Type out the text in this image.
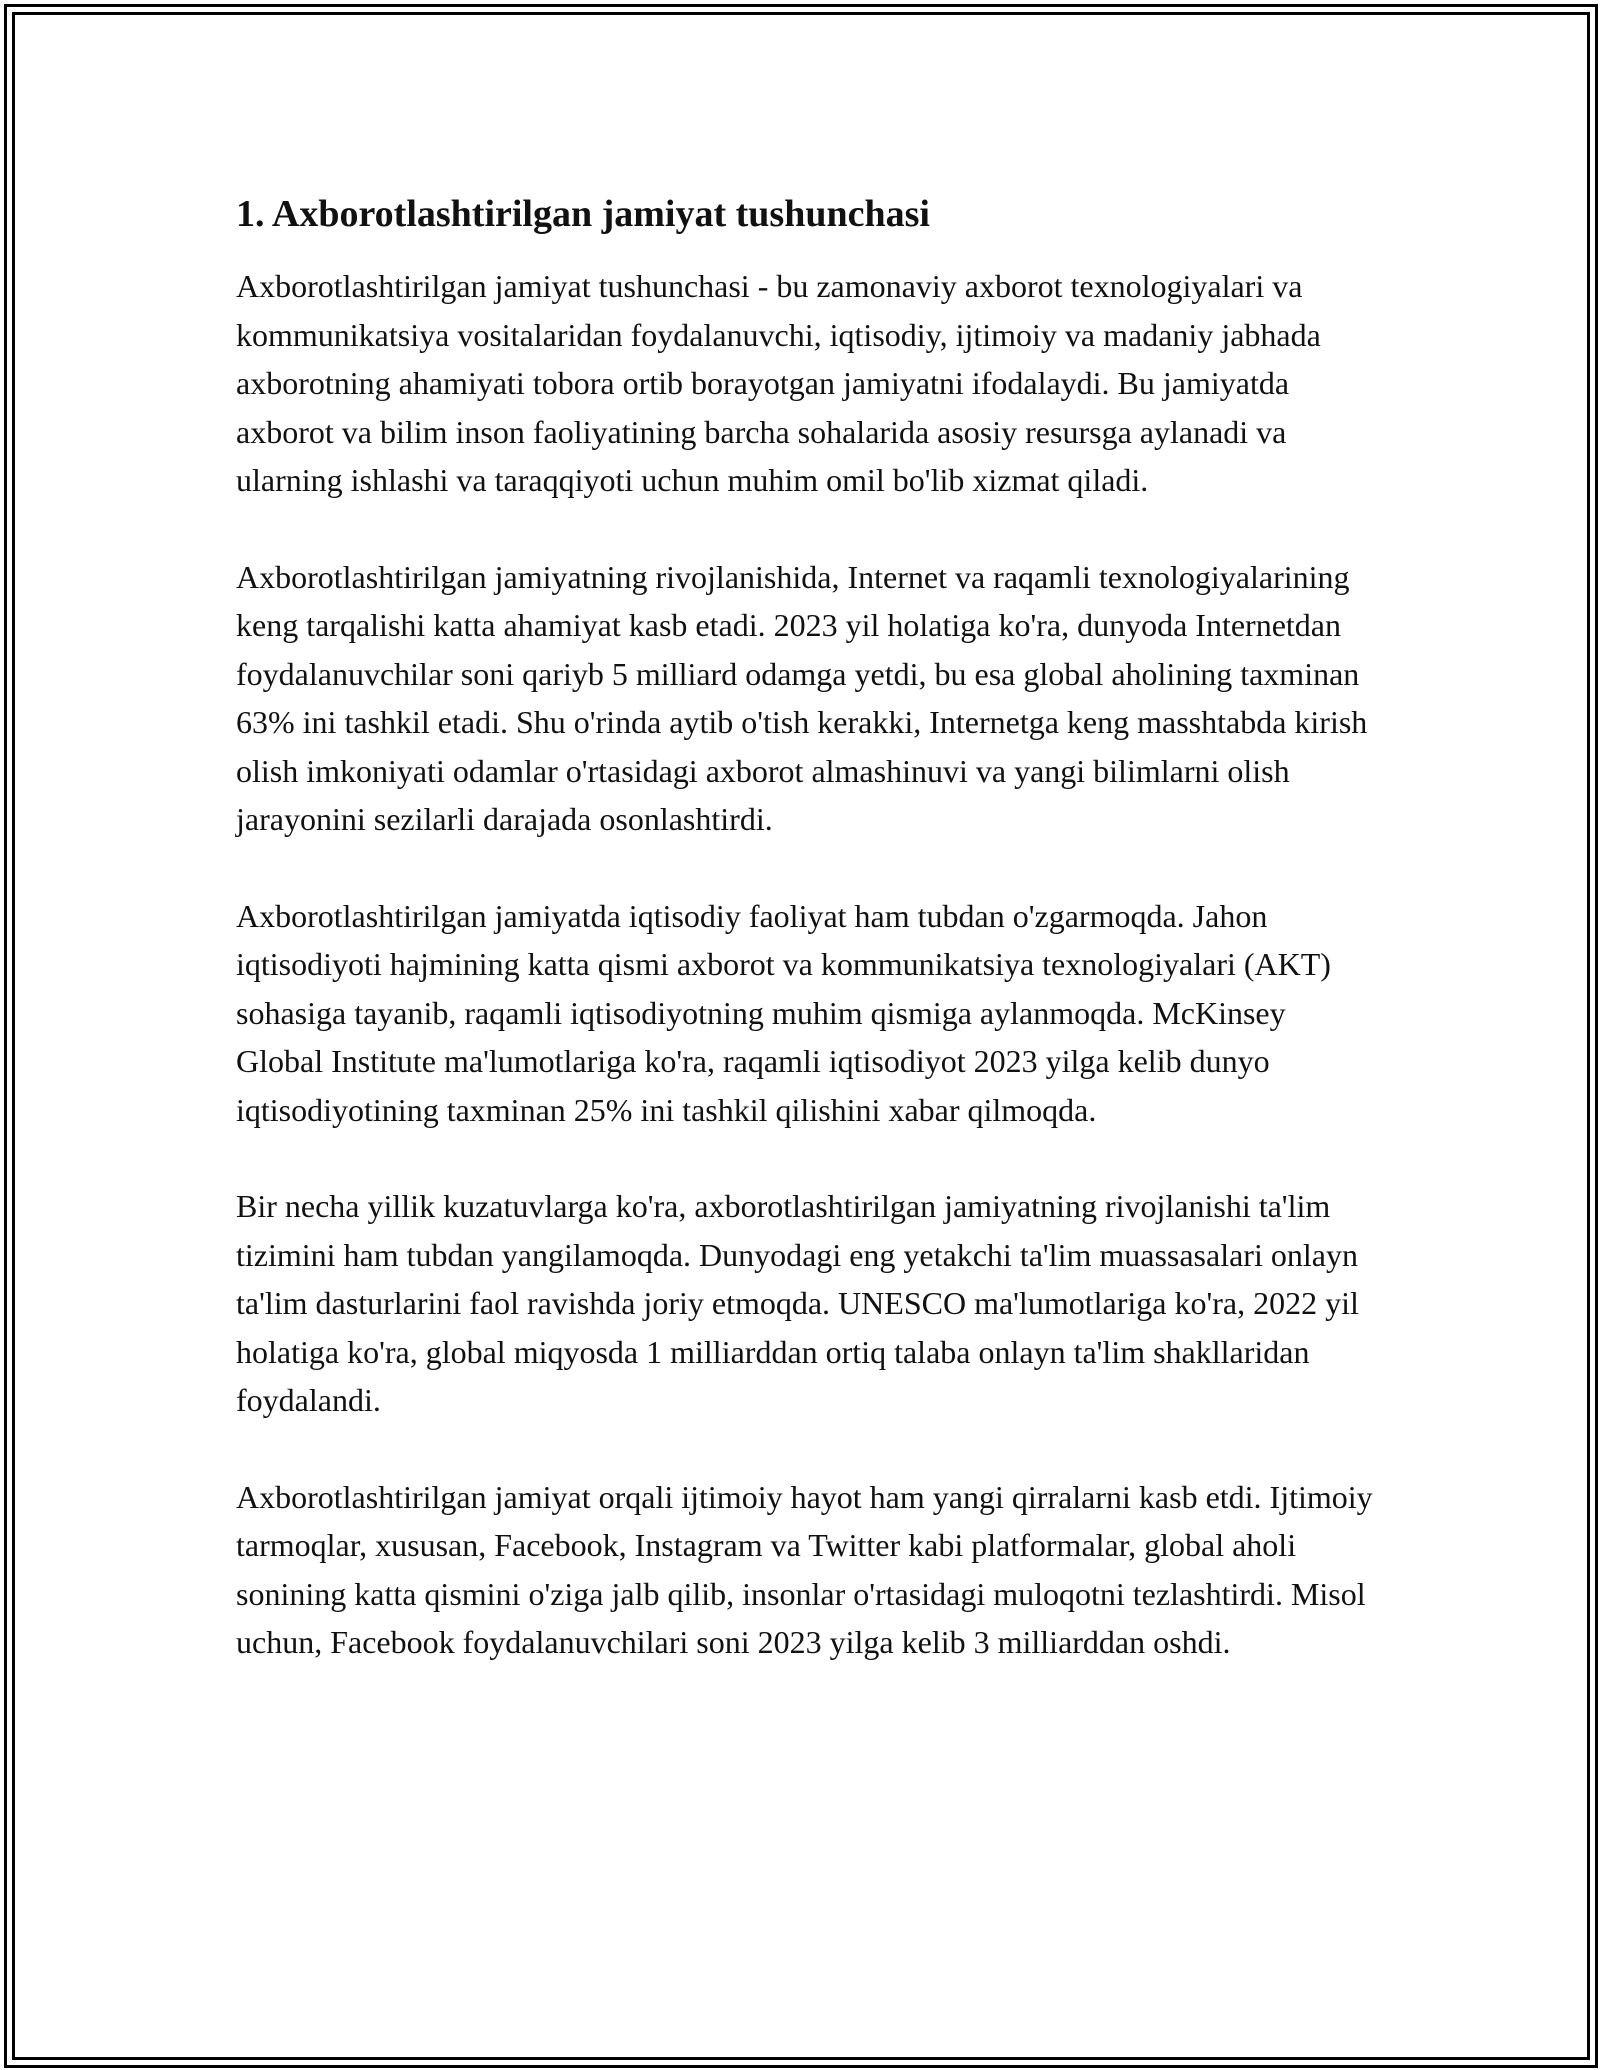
1. Axborotlashtirilgan jamiyat tushunchasi

Axborotlashtirilgan jamiyat tushunchasi - bu zamonaviy axborot texnologiyalari va kommunikatsiya vositalaridan foydalanuvchi, iqtisodiy, ijtimoiy va madaniy jabhada axborotning ahamiyati tobora ortib borayotgan jamiyatni ifodalaydi. Bu jamiyatda axborot va bilim inson faoliyatining barcha sohalarida asosiy resursga aylanadi va ularning ishlashi va taraqqiyoti uchun muhim omil bo'lib xizmat qiladi.

Axborotlashtirilgan jamiyatning rivojlanishida, Internet va raqamli texnologiyalarining keng tarqalishi katta ahamiyat kasb etadi. 2023 yil holatiga ko'ra, dunyoda Internetdan foydalanuvchilar soni qariyb 5 milliard odamga yetdi, bu esa global aholining taxminan 63% ini tashkil etadi. Shu o'rinda aytib o'tish kerakki, Internetga keng masshtabda kirish olish imkoniyati odamlar o'rtasidagi axborot almashinuvi va yangi bilimlarni olish jarayonini sezilarli darajada osonlashtirdi.

Axborotlashtirilgan jamiyatda iqtisodiy faoliyat ham tubdan o'zgarmoqda. Jahon iqtisodiyoti hajmining katta qismi axborot va kommunikatsiya texnologiyalari (AKT) sohasiga tayanib, raqamli iqtisodiyotning muhim qismiga aylanmoqda. McKinsey Global Institute ma'lumotlariga ko'ra, raqamli iqtisodiyot 2023 yilga kelib dunyo iqtisodiyotining taxminan 25% ini tashkil qilishini xabar qilmoqda.

Bir necha yillik kuzatuvlarga ko'ra, axborotlashtirilgan jamiyatning rivojlanishi ta'lim tizimini ham tubdan yangilamoqda. Dunyodagi eng yetakchi ta'lim muassasalari onlayn ta'lim dasturlarini faol ravishda joriy etmoqda. UNESCO ma'lumotlariga ko'ra, 2022 yil holatiga ko'ra, global miqyosda 1 milliarddan ortiq talaba onlayn ta'lim shakllaridan foydalandi.

Axborotlashtirilgan jamiyat orqali ijtimoiy hayot ham yangi qirralarni kasb etdi. Ijtimoiy tarmoqlar, xususan, Facebook, Instagram va Twitter kabi platformalar, global aholi sonining katta qismini o'ziga jalb qilib, insonlar o'rtasidagi muloqotni tezlashtirdi. Misol uchun, Facebook foydalanuvchilari soni 2023 yilga kelib 3 milliarddan oshdi.
